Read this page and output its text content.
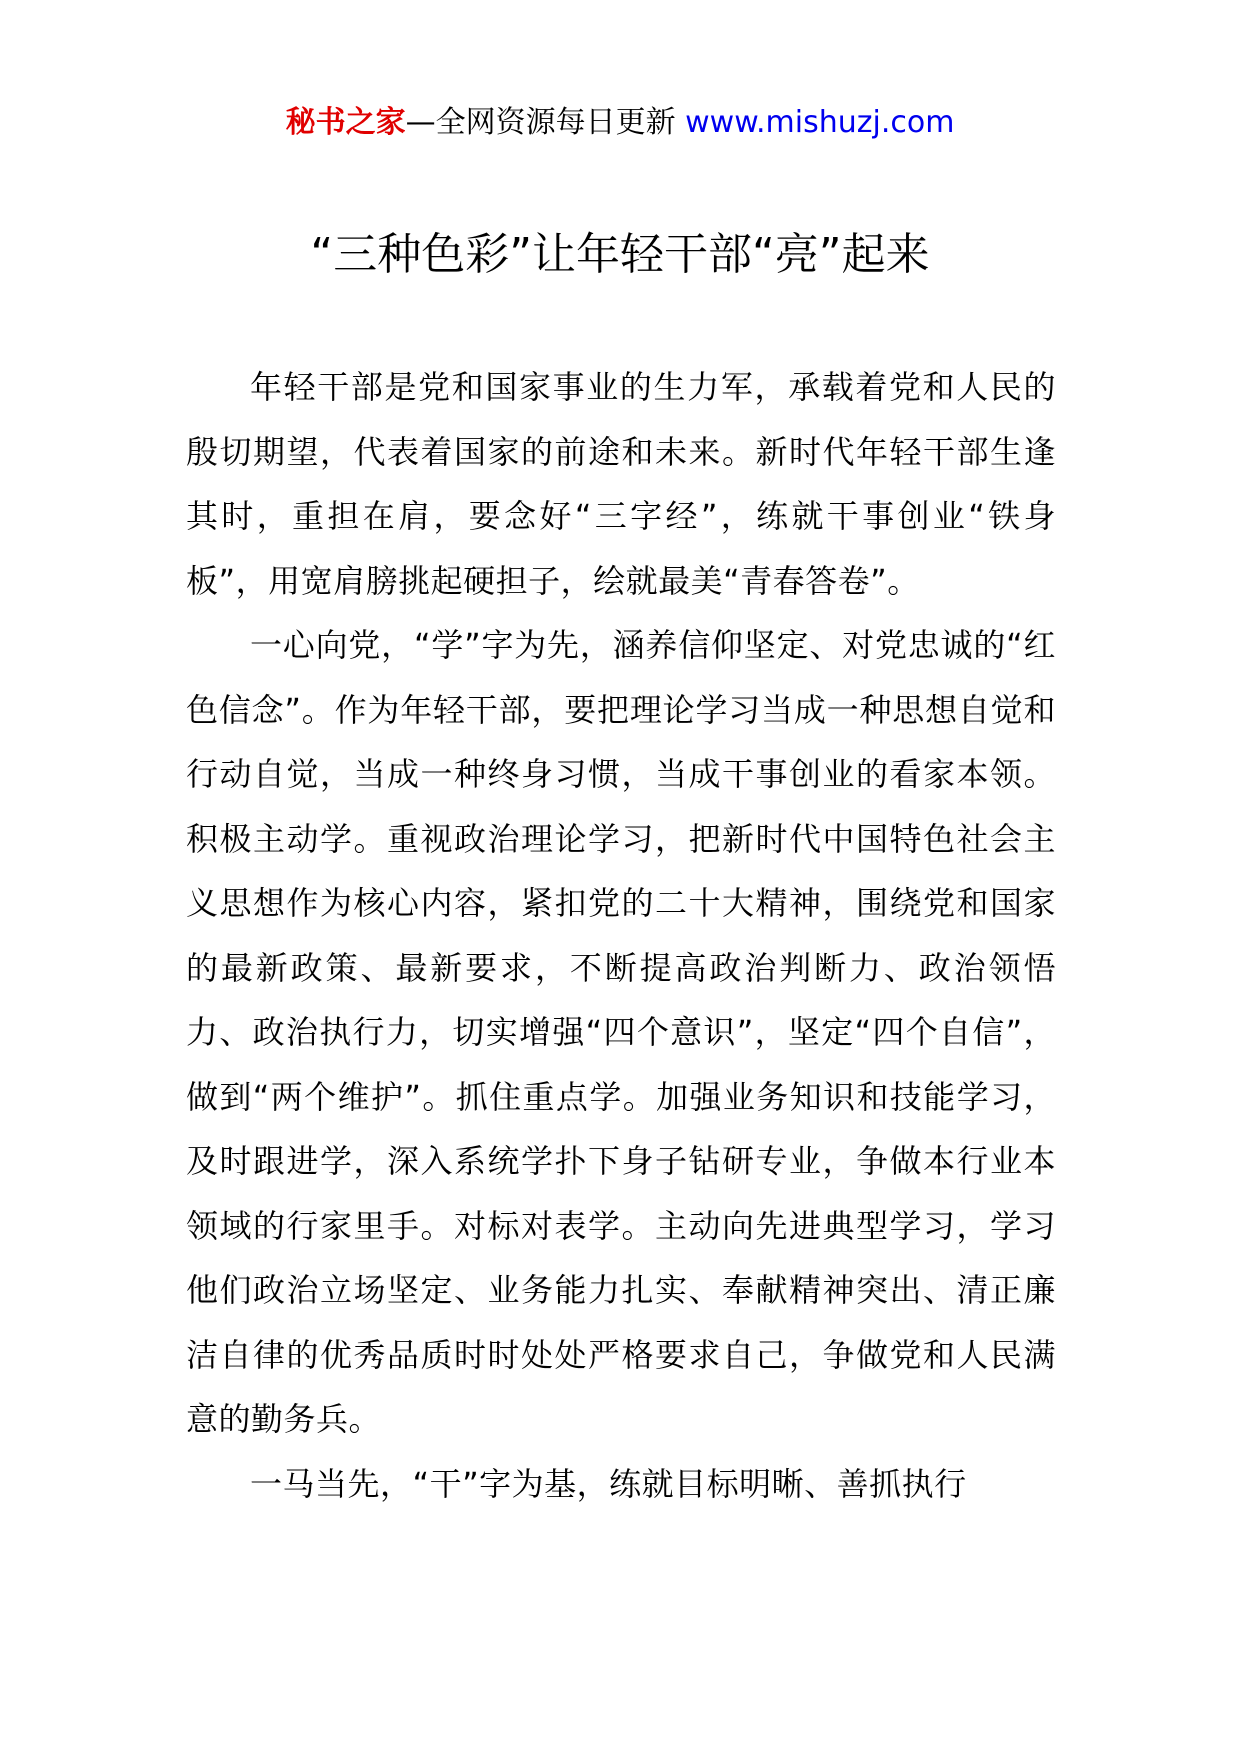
秘书之家—全网资源每日更新 www.mishuzj.com
“三种色彩”让年轻干部“亮”起来

年轻干部是党和国家事业的生力军，承载着党和人民的殷切期望，代表着国家的前途和未来。新时代年轻干部生逢其时，重担在肩，要念好“三字经”，练就干事创业“铁身板”，用宽肩膀挑起硬担子，绘就最美“青春答卷”。

一心向党，“学”字为先，涵养信仰坚定、对党忠诚的“红色信念”。作为年轻干部，要把理论学习当成一种思想自觉和行动自觉，当成一种终身习惯，当成干事创业的看家本领。积极主动学。重视政治理论学习，把新时代中国特色社会主义思想作为核心内容，紧扣党的二十大精神，围绕党和国家的最新政策、最新要求，不断提高政治判断力、政治领悟力、政治执行力，切实增强“四个意识”，坚定“四个自信”，做到“两个维护”。抓住重点学。加强业务知识和技能学习，及时跟进学，深入系统学扑下身子钻研专业，争做本行业本领域的行家里手。对标对表学。主动向先进典型学习，学习他们政治立场坚定、业务能力扎实、奉献精神突出、清正廉洁自律的优秀品质时时处处严格要求自己，争做党和人民满意的勤务兵。

一马当先，“干”字为基，练就目标明晰、善抓执行
